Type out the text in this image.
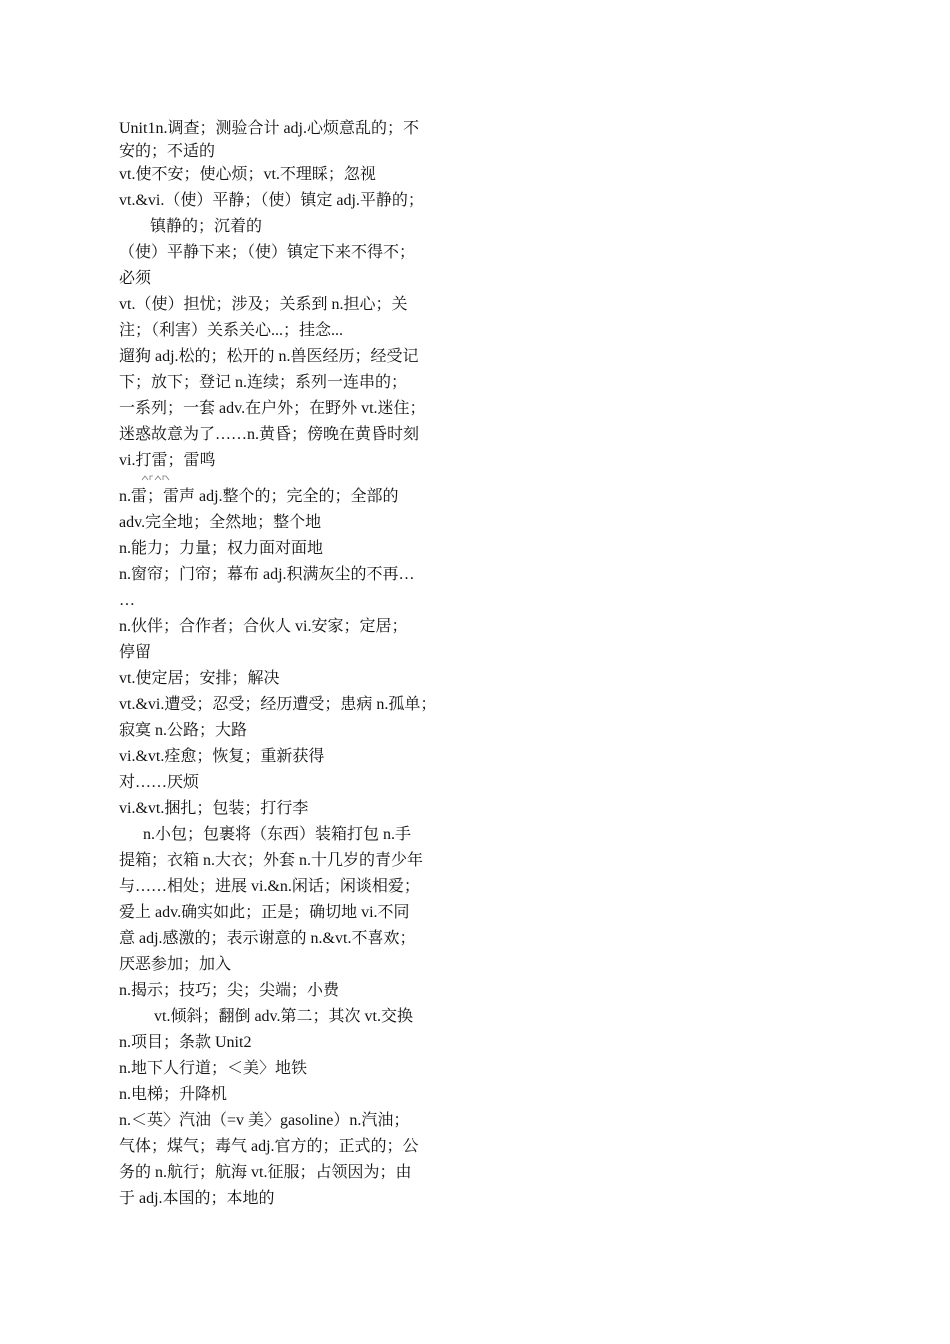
Unit1n.调查；测验合计 adj.心烦意乱的；不
安的；不适的
vt.使不安；使心烦；vt.不理睬；忽视
vt.&vi.（使）平静；（使）镇定 adj.平静的；
镇静的；沉着的
（使）平静下来；（使）镇定下来不得不；
必须
vt.（使）担忧；涉及；关系到 n.担心；关
注；（利害）关系关心...；挂念...
遛狗 adj.松的；松开的 n.兽医经历；经受记
下；放下；登记 n.连续；系列一连串的；
一系列；一套 adv.在户外；在野外 vt.迷住；
迷惑故意为了……n.黄昏；傍晚在黄昏时刻
vi.打雷；雷鸣
n.雷；雷声 adj.整个的；完全的；全部的
adv.完全地；全然地；整个地
n.能力；力量；权力面对面地
n.窗帘；门帘；幕布 adj.积满灰尘的不再…
…
n.伙伴；合作者；合伙人 vi.安家；定居；
停留
vt.使定居；安排；解决
vt.&vi.遭受；忍受；经历遭受；患病 n.孤单；
寂寞 n.公路；大路
vi.&vt.痊愈；恢复；重新获得
对……厌烦
vi.&vt.捆扎；包装；打行李
n.小包；包裹将（东西）装箱打包 n.手
提箱；衣箱 n.大衣；外套 n.十几岁的青少年
与……相处；进展 vi.&n.闲话；闲谈相爱；
爱上 adv.确实如此；正是；确切地 vi.不同
意 adj.感激的；表示谢意的 n.&vt.不喜欢；
厌恶参加；加入
n.揭示；技巧；尖；尖端；小费
vt.倾斜；翻倒 adv.第二；其次 vt.交换
n.项目；条款 Unit2
n.地下人行道；＜美〉地铁
n.电梯；升降机
n.＜英〉汽油（=v 美〉gasoline）n.汽油；
气体；煤气；毒气 adj.官方的；正式的；公
务的 n.航行；航海 vt.征服；占领因为；由
于 adj.本国的；本地的
